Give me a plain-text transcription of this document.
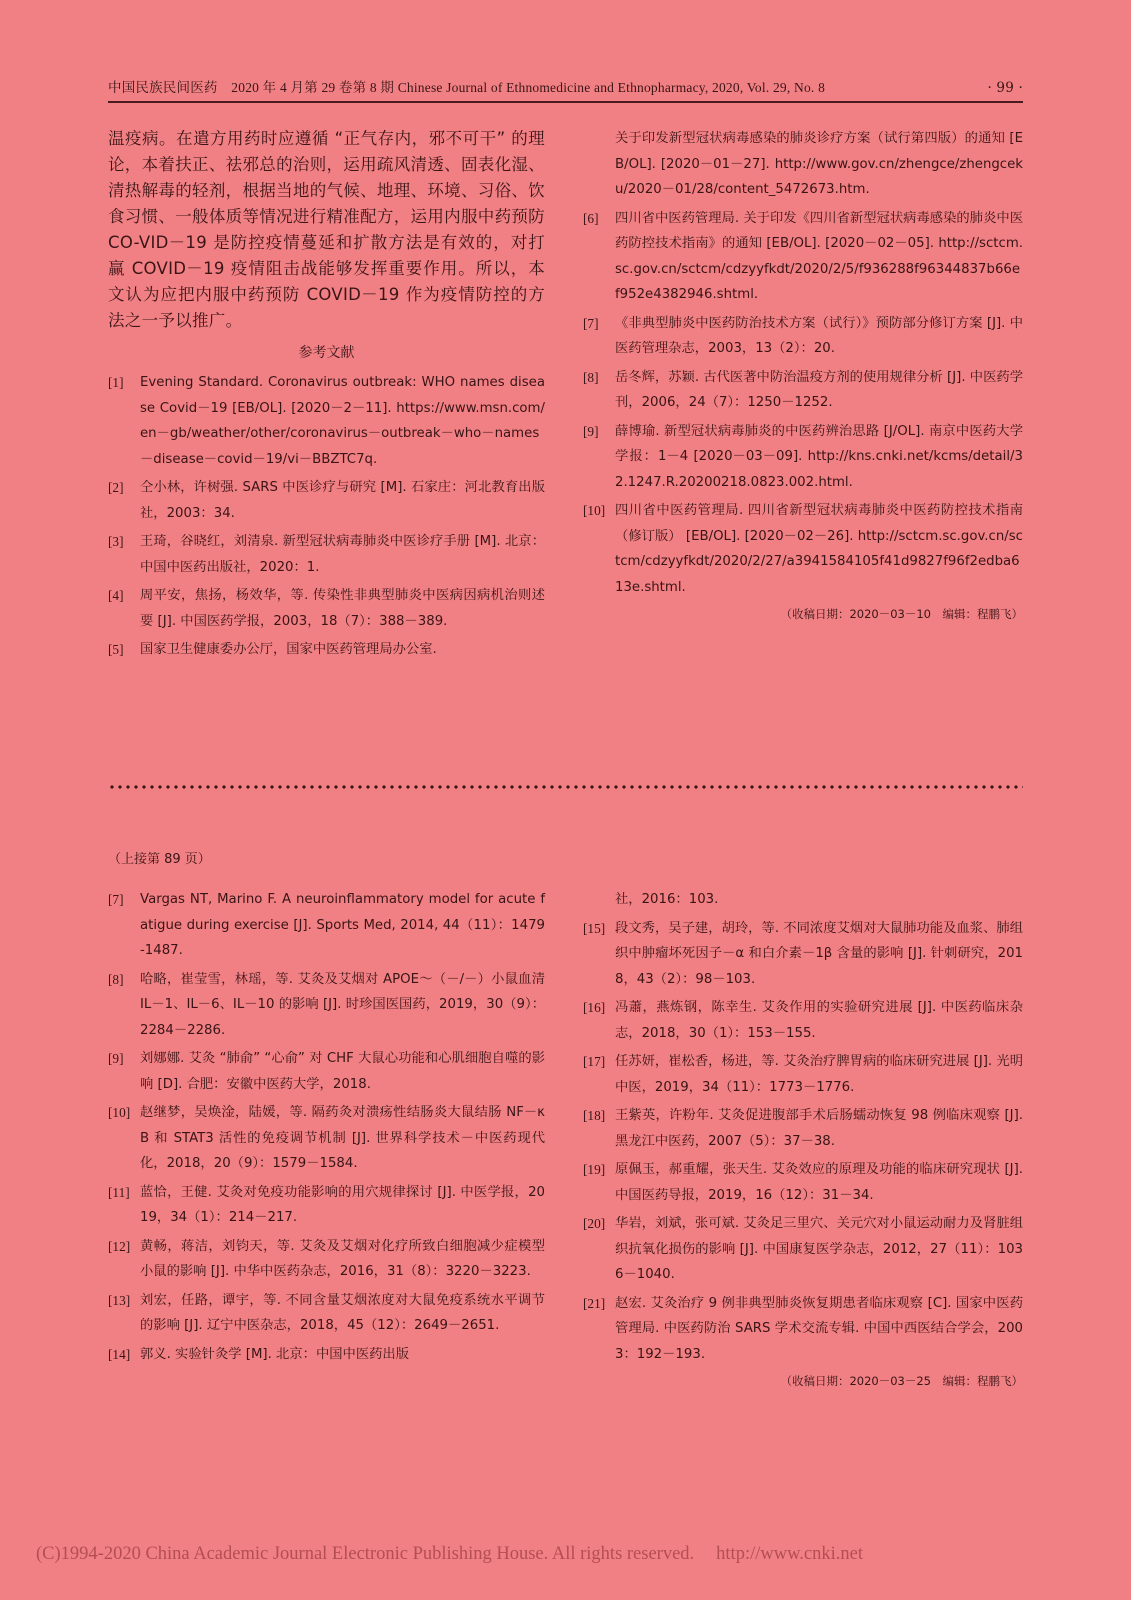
中国民族民间医药　2020 年 4 月第 29 卷第 8 期 Chinese Journal of Ethnomedicine and Ethnopharmacy, 2020, Vol. 29, No. 8	· 99 ·

温疫病。在遣方用药时应遵循 “正气存内，邪不可干” 的理论，本着扶正、祛邪总的治则，运用疏风清透、固表化湿、清热解毒的轻剂，根据当地的气候、地理、环境、习俗、饮食习惯、一般体质等情况进行精准配方，运用内服中药预防 CO-VID－19 是防控疫情蔓延和扩散方法是有效的，对打赢 COVID－19 疫情阻击战能够发挥重要作用。所以，本文认为应把内服中药预防 COVID－19 作为疫情防控的方法之一予以推广。

参考文献
[1]	Evening Standard. Coronavirus outbreak: WHO names disease Covid－19 [EB/OL]. [2020－2－11]. https://www.msn.com/en－gb/weather/other/coronavirus－outbreak－who－names－disease－covid－19/vi－BBZTC7q.
[2]	仝小林，许树强. SARS 中医诊疗与研究 [M]. 石家庄：河北教育出版社，2003：34.
[3]	王琦，谷晓红，刘清泉. 新型冠状病毒肺炎中医诊疗手册 [M]. 北京：中国中医药出版社，2020：1.
[4]	周平安，焦扬，杨效华，等. 传染性非典型肺炎中医病因病机治则述要 [J]. 中国医药学报，2003，18（7）：388－389.
[5]	国家卫生健康委办公厅，国家中医药管理局办公室.
关于印发新型冠状病毒感染的肺炎诊疗方案（试行第四版）的通知 [EB/OL]. [2020－01－27]. http://www.gov.cn/zhengce/zhengceku/2020－01/28/content_5472673.htm.
[6]	四川省中医药管理局. 关于印发《四川省新型冠状病毒感染的肺炎中医药防控技术指南》的通知 [EB/OL]. [2020－02－05]. http://sctcm.sc.gov.cn/sctcm/cdzyyfkdt/2020/2/5/f936288f96344837b66ef952e4382946.shtml.
[7]	《非典型肺炎中医药防治技术方案（试行）》预防部分修订方案 [J]. 中医药管理杂志，2003，13（2）：20.
[8]	岳冬辉，苏颖. 古代医著中防治温疫方剂的使用规律分析 [J]. 中医药学刊，2006，24（7）：1250－1252.
[9]	薛博瑜. 新型冠状病毒肺炎的中医药辨治思路 [J/OL]. 南京中医药大学学报：1－4 [2020－03－09]. http://kns.cnki.net/kcms/detail/32.1247.R.20200218.0823.002.html.
[10] 四川省中医药管理局. 四川省新型冠状病毒肺炎中医药防控技术指南（修订版） [EB/OL]. [2020－02－26]. http://sctcm.sc.gov.cn/sctcm/cdzyyfkdt/2020/2/27/a3941584105f41d9827f96f2edba613e.shtml.
（收稿日期：2020－03－10　编辑：程鹏飞）
（上接第 89 页）
[7]	Vargas NT, Marino F. A neuroinflammatory model for acute fatigue during exercise [J]. Sports Med, 2014, 44（11）：1479-1487.
[8]	哈略，崔莹雪，林瑶，等. 艾灸及艾烟对 APOE～（－/－）小鼠血清 IL－1、IL－6、IL－10 的影响 [J]. 时珍国医国药，2019，30（9）：2284－2286.
[9]	刘娜娜. 艾灸 “肺俞” “心俞” 对 CHF 大鼠心功能和心肌细胞自噬的影响 [D]. 合肥：安徽中医药大学，2018.
[10] 赵继梦，吴焕淦，陆媛，等. 隔药灸对溃疡性结肠炎大鼠结肠 NF－κB 和 STAT3 活性的免疫调节机制 [J]. 世界科学技术－中医药现代化，2018，20（9）：1579－1584.
[11] 蓝恰，王健. 艾灸对免疫功能影响的用穴规律探讨 [J]. 中医学报，2019，34（1）：214－217.
[12] 黄畅，蒋洁，刘钧天，等. 艾灸及艾烟对化疗所致白细胞减少症模型小鼠的影响 [J]. 中华中医药杂志，2016，31（8）：3220－3223.
[13] 刘宏，任路，谭宇，等. 不同含量艾烟浓度对大鼠免疫系统水平调节的影响 [J]. 辽宁中医杂志，2018，45（12）：2649－2651.
[14] 郭义. 实验针灸学 [M]. 北京：中国中医药出版
社，2016：103.
[15] 段文秀，吴子建，胡玲，等. 不同浓度艾烟对大鼠肺功能及血浆、肺组织中肿瘤坏死因子－α 和白介素－1β 含量的影响 [J]. 针刺研究，2018，43（2）：98－103.
[16] 冯蕭，燕炼钢，陈幸生. 艾灸作用的实验研究进展 [J]. 中医药临床杂志，2018，30（1）：153－155.
[17] 任苏妍，崔松香，杨进，等. 艾灸治疗脾胃病的临床研究进展 [J]. 光明中医，2019，34（11）：1773－1776.
[18] 王紫英，许粉年. 艾灸促进腹部手术后肠蠕动恢复 98 例临床观察 [J]. 黑龙江中医药，2007（5）：37－38.
[19] 原佩玉，郝重耀，张天生. 艾灸效应的原理及功能的临床研究现状 [J]. 中国医药导报，2019，16（12）：31－34.
[20] 华岩，刘斌，张可斌. 艾灸足三里穴、关元穴对小鼠运动耐力及肾脏组织抗氧化损伤的影响 [J]. 中国康复医学杂志，2012，27（11）：1036－1040.
[21] 赵宏. 艾灸治疗 9 例非典型肺炎恢复期患者临床观察 [C]. 国家中医药管理局. 中医药防治 SARS 学术交流专辑. 中国中西医结合学会，2003：192－193.
（收稿日期：2020－03－25　编辑：程鹏飞）
(C)1994-2020 China Academic Journal Electronic Publishing House. All rights reserved. http://www.cnki.net
